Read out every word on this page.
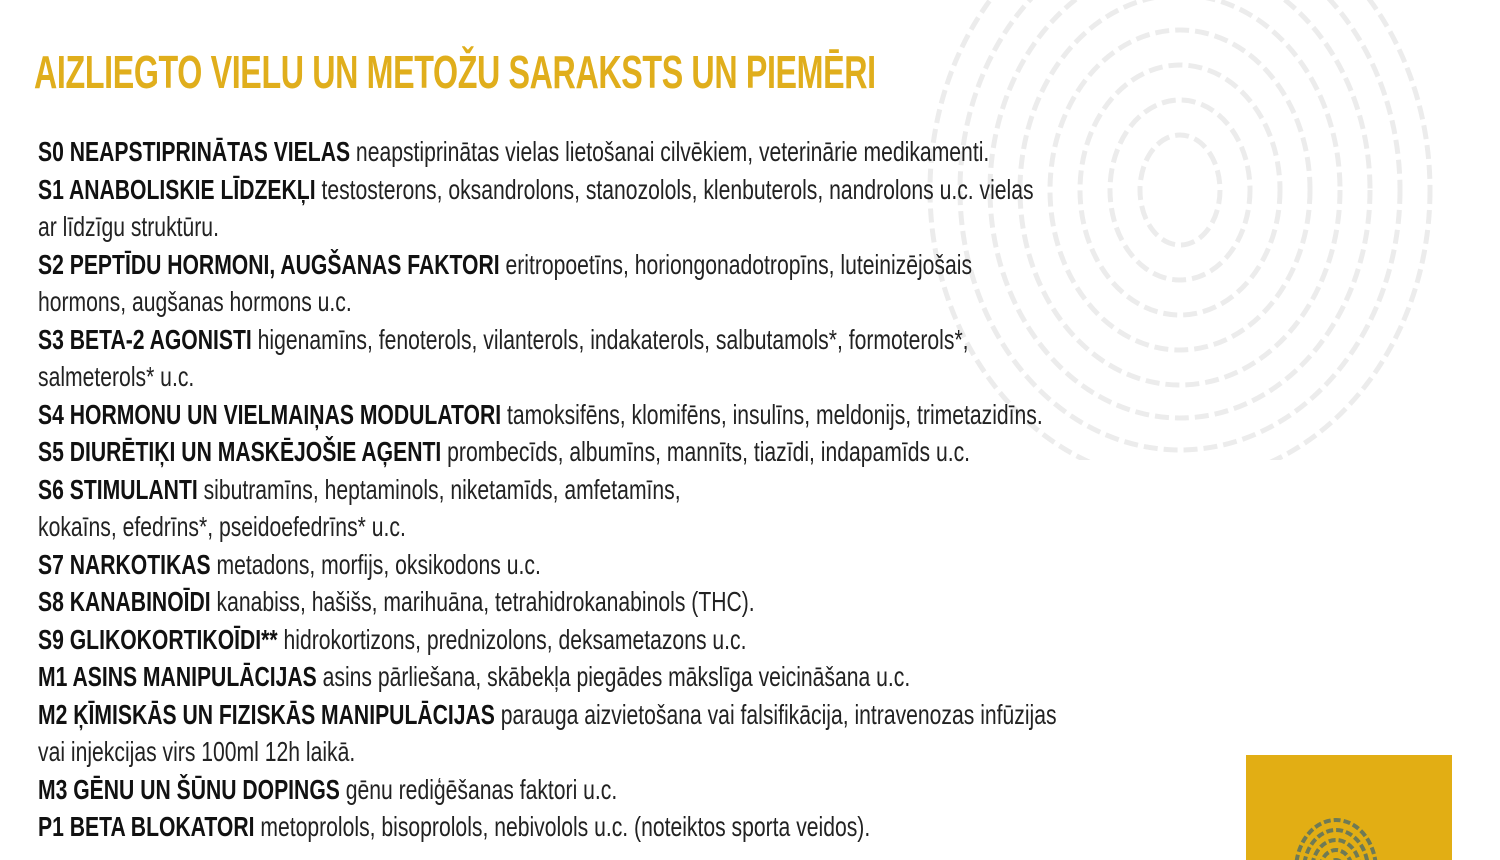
AIZLIEGTO VIELU UN METOŽU SARAKSTS UN PIEMĒRI
S0 NEAPSTIPRINĀTAS VIELAS neapstiprinātas vielas lietošanai cilvēkiem, veterinārie medikamenti.
S1 ANABOLISKIE LĪDZEKĻI testosterons, oksandrolons, stanozolols, klenbuterols, nandrolons u.c. vielas
ar līdzīgu struktūru.
S2 PEPTĪDU HORMONI, AUGŠANAS FAKTORI eritropoetīns, horiongonadotropīns, luteinizējošais
hormons, augšanas hormons u.c.
S3 BETA-2 AGONISTI higenamīns, fenoterols, vilanterols, indakaterols, salbutamols*, formoterols*,
salmeterols* u.c.
S4 HORMONU UN VIELMAIŅAS MODULATORI tamoksifēns, klomifēns, insulīns, meldonijs, trimetazidīns.
S5 DIURĒTIĶI UN MASKĒJOŠIE AĢENTI prombecīds, albumīns, mannīts, tiazīdi, indapamīds u.c.
S6 STIMULANTI sibutramīns, heptaminols, niketamīds, amfetamīns,
kokaīns, efedrīns*, pseidoefedrīns* u.c.
S7 NARKOTIKAS metadons, morfijs, oksikodons u.c.
S8 KANABINOĪDI kanabiss, hašišs, marihuāna, tetrahidrokanabinols (THC).
S9 GLIKOKORTIKOĪDI** hidrokortizons, prednizolons, deksametazons u.c.
M1 ASINS MANIPULĀCIJAS asins pārliešana, skābekļa piegādes mākslīga veicināšana u.c.
M2 ĶĪMISKĀS UN FIZISKĀS MANIPULĀCIJAS parauga aizvietošana vai falsifikācija, intravenozas infūzijas
vai injekcijas virs 100ml 12h laikā.
M3 GĒNU UN ŠŪNU DOPINGS gēnu rediģēšanas faktori u.c.
P1 BETA BLOKATORI metoprolols, bisoprolols, nebivolols u.c. (noteiktos sporta veidos).
